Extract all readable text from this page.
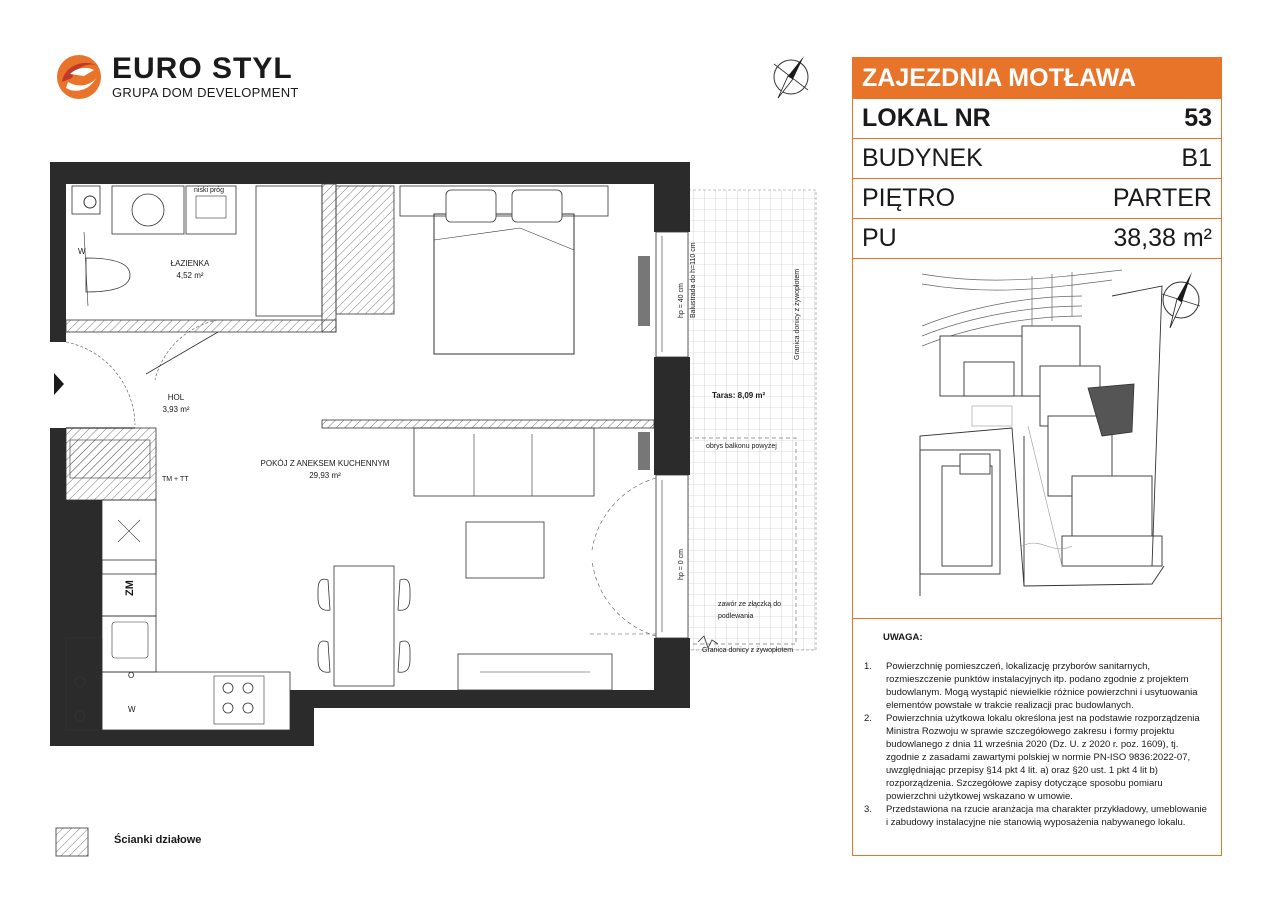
EURO STYL
GRUPA DOM DEVELOPMENT
niski próg
ŁAZIENKA
4,52 m²
HOL
3,93 m²
POKÓJ Z ANEKSEM KUCHENNYM
29,93 m²
Taras: 8,09 m²
obrys balkonu powyżej
zawór ze złączką do podlewania
Granica donicy z żywopłotem
Granica donicy z żywopłotem
Balustrada do h=110 cm
hp = 40 cm
hp = 0 cm
TM + TT
ZM
W
W
O
Ścianki działowe
ZAJEZDNIA MOTŁAWA
LOKAL NR	53
BUDYNEK	B1
PIĘTRO	PARTER
PU	38,38 m²
UWAGA:
1. Powierzchnię pomieszczeń, lokalizację przyborów sanitarnych, rozmieszczenie punktów instalacyjnych itp. podano zgodnie z projektem budowlanym. Mogą wystąpić niewielkie różnice powierzchni i usytuowania elementów powstałe w trakcie realizacji prac budowlanych.
2. Powierzchnia użytkowa lokalu określona jest na podstawie rozporządzenia Ministra Rozwoju w sprawie szczegółowego zakresu i formy projektu budowlanego z dnia 11 września 2020 (Dz. U. z 2020 r. poz. 1609), tj. zgodnie z zasadami zawartymi polskiej w normie PN-ISO 9836:2022-07, uwzględniając przepisy §14 pkt 4 lit. a) oraz §20 ust. 1 pkt 4 lit b) rozporządzenia. Szczegółowe zapisy dotyczące sposobu pomiaru powierzchni użytkowej wskazano w umowie.
3. Przedstawiona na rzucie aranżacja ma charakter przykładowy, umeblowanie i zabudowy instalacyjne nie stanowią wyposażenia nabywanego lokalu.
